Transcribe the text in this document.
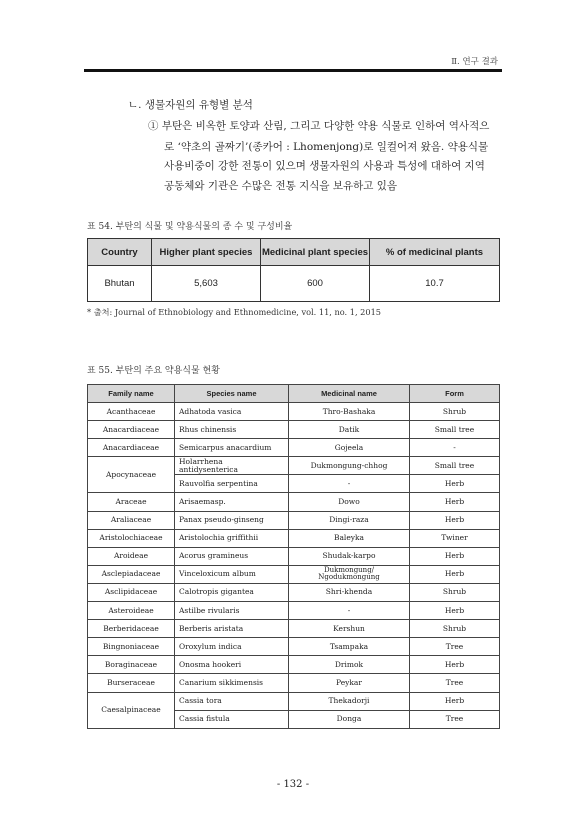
Ⅱ. 연구 결과
ㄴ. 생물자원의 유형별 분석
① 부탄은 비옥한 토양과 산림, 그리고 다양한 약용 식물로 인하여 역사적으
로 ‘약초의 골짜기’(종카어 : Lhomenjong)로 일컬어져 왔음. 약용식물
사용비중이 강한 전통이 있으며 생물자원의 사용과 특성에 대하여 지역
공동체와 기관은 수많은 전통 지식을 보유하고 있음
표 54. 부탄의 식물 및 약용식물의 종 수 및 구성비율
Country	Higher plant species	Medicinal plant species	% of medicinal plants
Bhutan	5,603	600	10.7
* 출처: Journal of Ethnobiology and Ethnomedicine, vol. 11, no. 1, 2015
표 55. 부탄의 주요 약용식물 현황
Family name	Species name	Medicinal name	Form
Acanthaceae	Adhatoda vasica	Thro-Bashaka	Shrub
Anacardiaceae	Rhus chinensis	Datik	Small tree
Anacardiaceae	Semicarpus anacardium	Gojeela	-
Apocynaceae	Holarrhena antidysenterica	Dukmongung-chhog	Small tree
	Rauvolfia serpentina	-	Herb
Araceae	Arisaemasp.	Dowo	Herb
Araliaceae	Panax pseudo-ginseng	Dingi-raza	Herb
Aristolochiaceae	Aristolochia griffithii	Baleyka	Twiner
Aroideae	Acorus gramineus	Shudak-karpo	Herb
Asclepiadaceae	Vinceloxicum album	Dukmongung/ Ngodukmongung	Herb
Asclipidaceae	Calotropis gigantea	Shri-khenda	Shrub
Asteroideae	Astilbe rivularis	-	Herb
Berberidaceae	Berberis aristata	Kershun	Shrub
Bingnoniaceae	Oroxylum indica	Tsampaka	Tree
Boraginaceae	Onosma hookeri	Drimok	Herb
Burseraceae	Canarium sikkimensis	Peykar	Tree
Caesalpinaceae	Cassia tora	Thekadorji	Herb
	Cassia fistula	Donga	Tree
- 132 -
